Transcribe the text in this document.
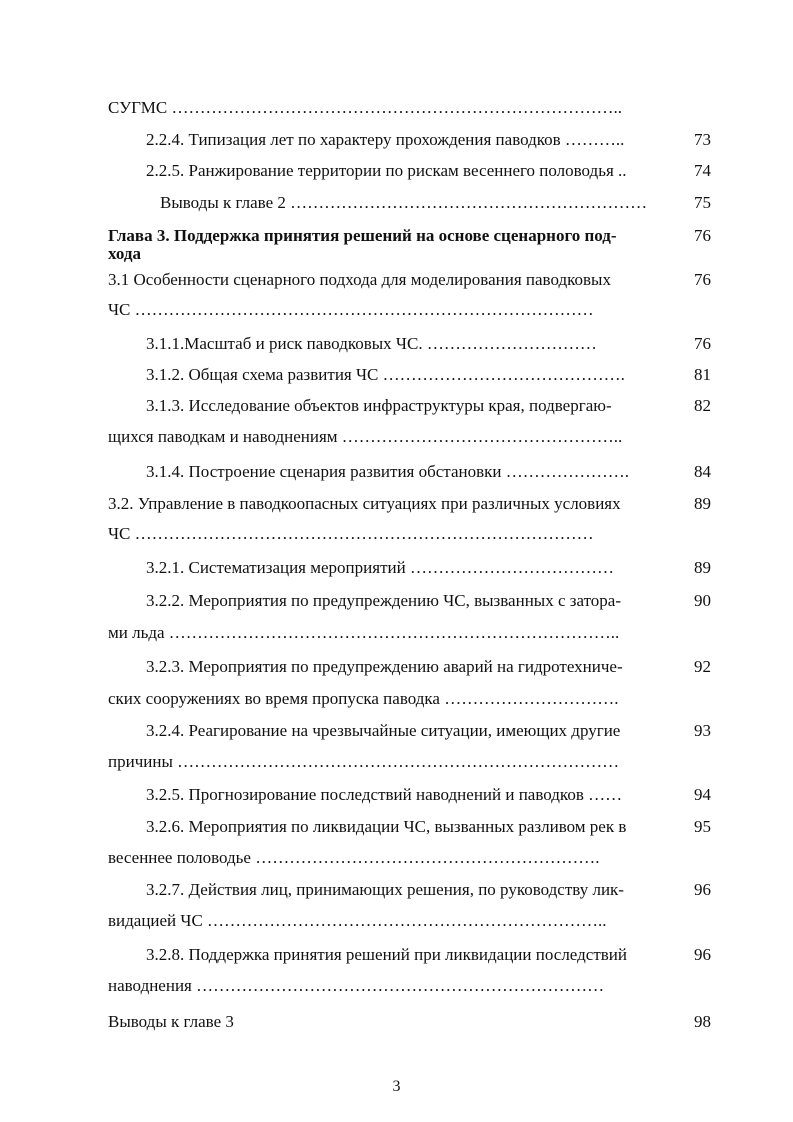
СУГМС ……………………………………………………………………..
2.2.4. Типизация лет по характеру прохождения паводков ………..	73
2.2.5. Ранжирование территории по рискам весеннего половодья ..	74
Выводы к главе 2 ………………………………………………………	75
Глава 3. Поддержка принятия решений на основе сценарного под-	76
хода
3.1 Особенности сценарного подхода для моделирования паводковых	76
ЧС ………………………………………………………………………
3.1.1.Масштаб и риск паводковых ЧС. …………………………	76
3.1.2. Общая схема развития ЧС …………………………………….	81
3.1.3. Исследование объектов инфраструктуры края, подвергаю-	82
щихся паводкам и наводнениям …………………………………………..
3.1.4. Построение сценария развития обстановки ………………….	84
3.2. Управление в паводкоопасных ситуациях при различных условиях	89
ЧС ………………………………………………………………………
3.2.1. Систематизация мероприятий ………………………………	89
3.2.2. Мероприятия по предупреждению ЧС, вызванных с затора-	90
ми льда ……………………………………………………………………..
3.2.3. Мероприятия по предупреждению аварий на гидротехниче-	92
ских сооружениях во время пропуска паводка ………………………….
3.2.4. Реагирование на чрезвычайные ситуации, имеющих другие	93
причины ……………………………………………………………………
3.2.5. Прогнозирование последствий наводнений и паводков ……	94
3.2.6. Мероприятия по ликвидации ЧС, вызванных разливом рек в	95
весеннее половодье …………………………………………………….
3.2.7. Действия лиц, принимающих решения, по руководству лик-	96
видацией ЧС ……………………………………………………………..
3.2.8. Поддержка принятия решений при ликвидации последствий	96
наводнения ………………………………………………………………
Выводы к главе 3	98
3
